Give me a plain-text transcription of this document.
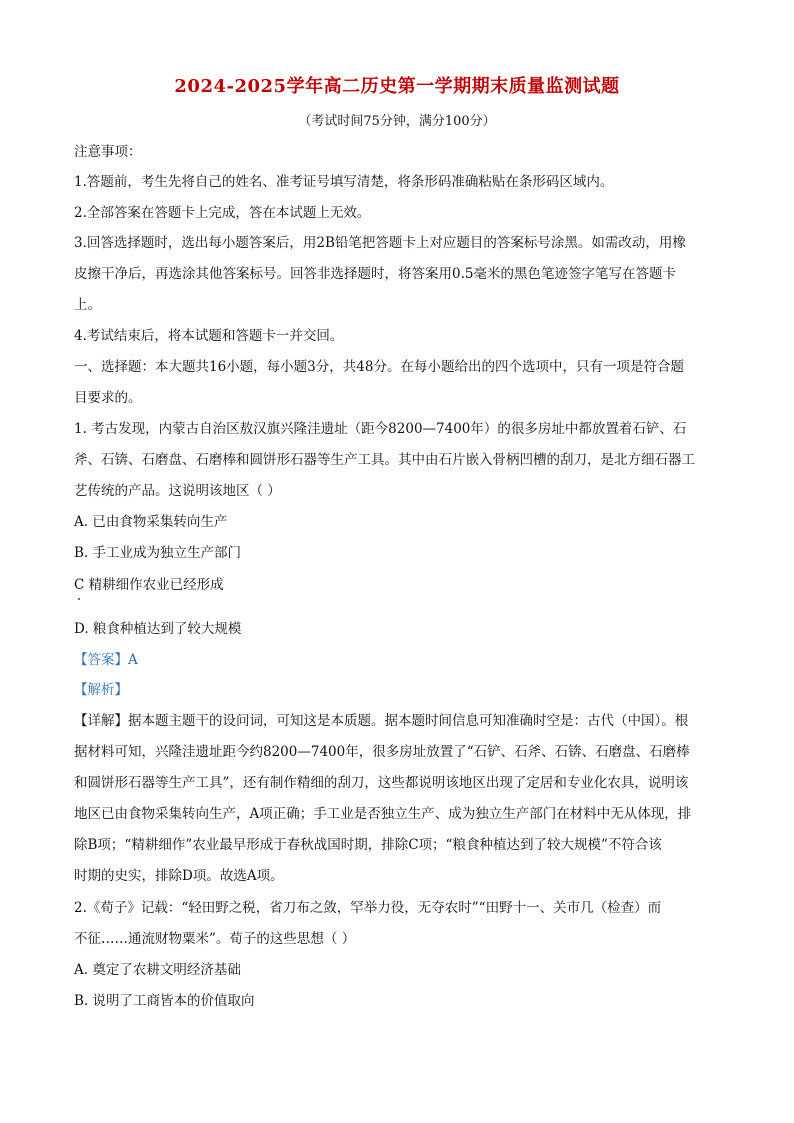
2024-2025学年高二历史第一学期期末质量监测试题
（考试时间75分钟，满分100分）
注意事项：
1.答题前，考生先将自己的姓名、准考证号填写清楚，将条形码准确粘贴在条形码区域内。
2.全部答案在答题卡上完成，答在本试题上无效。
3.回答选择题时，选出每小题答案后，用2B铅笔把答题卡上对应题目的答案标号涂黑。如需改动，用橡
皮擦干净后，再选涂其他答案标号。回答非选择题时，将答案用0.5毫米的黑色笔迹签字笔写在答题卡
上。
4.考试结束后，将本试题和答题卡一并交回。
一、选择题：本大题共16小题，每小题3分，共48分。在每小题给出的四个选项中，只有一项是符合题
目要求的。
1. 考古发现，内蒙古自治区敖汉旗兴隆洼遗址（距今8200—7400年）的很多房址中都放置着石铲、石
斧、石锛、石磨盘、石磨棒和圆饼形石器等生产工具。其中由石片嵌入骨柄凹槽的刮刀，是北方细石器工
艺传统的产品。这说明该地区（ ）
A. 已由食物采集转向生产
B. 手工业成为独立生产部门
C 精耕细作农业已经形成
D. 粮食种植达到了较大规模
【答案】A
【解析】
【详解】据本题主题干的设问词，可知这是本质题。据本题时间信息可知准确时空是：古代（中国）。根
据材料可知，兴隆洼遗址距今约8200—7400年，很多房址放置了“石铲、石斧、石锛、石磨盘、石磨棒
和圆饼形石器等生产工具”，还有制作精细的刮刀，这些都说明该地区出现了定居和专业化农具，说明该
地区已由食物采集转向生产，A项正确；手工业是否独立生产、成为独立生产部门在材料中无从体现，排
除B项；“精耕细作”农业最早形成于春秋战国时期，排除C项；“粮食种植达到了较大规模”不符合该
时期的史实，排除D项。故选A项。
2.《荀子》记载：“轻田野之税，省刀布之敛，罕举力役，无夺农时”“田野十一、关市几（检查）而
不征……通流财物粟米”。荀子的这些思想（ ）
A. 奠定了农耕文明经济基础
B. 说明了工商皆本的价值取向
